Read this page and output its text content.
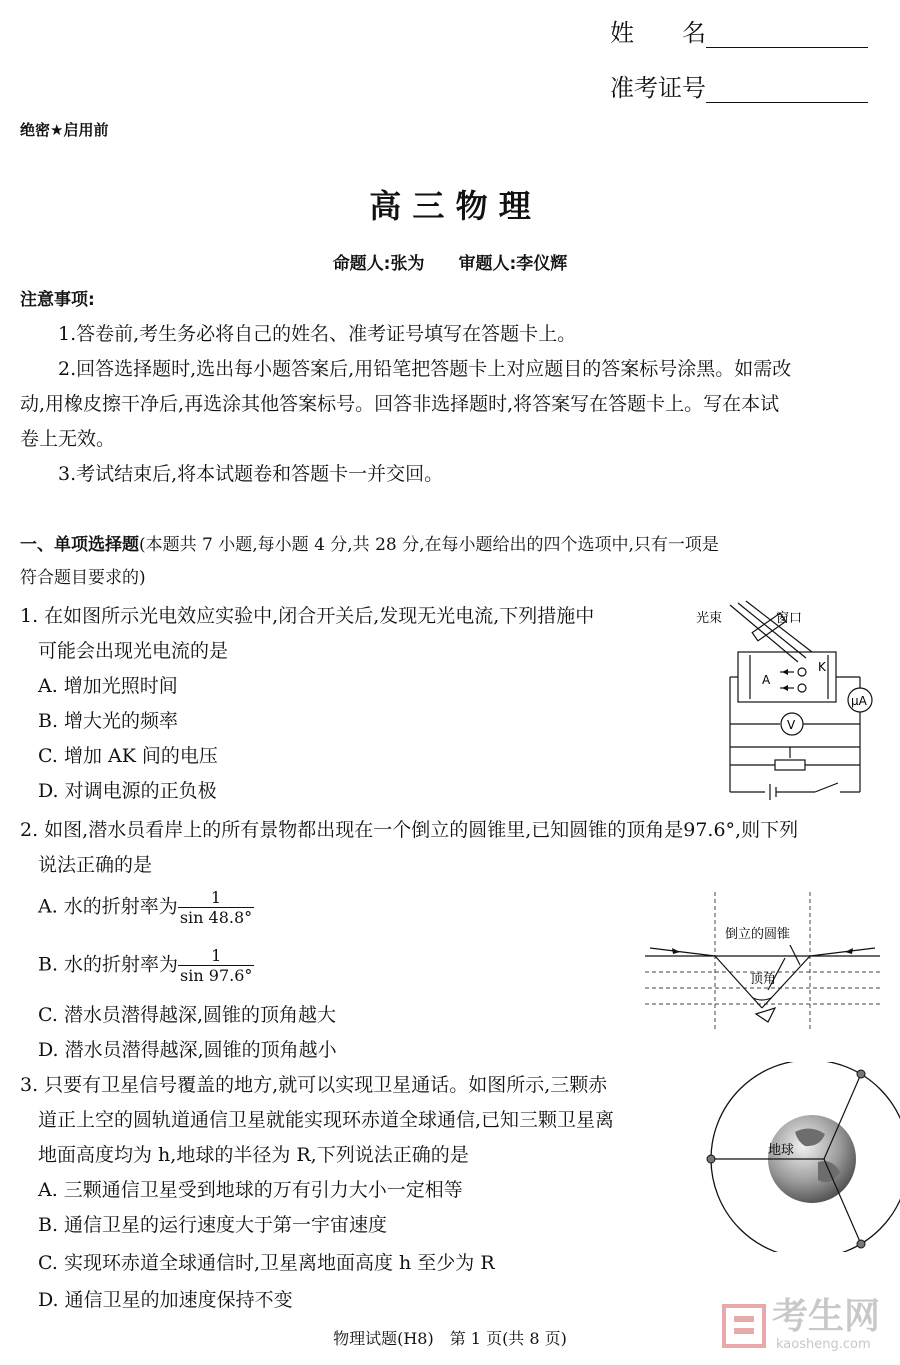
姓　　名
准考证号
绝密★启用前
高 三 物 理
命题人:张为　　审题人:李仪辉
注意事项:
1.答卷前,考生务必将自己的姓名、准考证号填写在答题卡上。
2.回答选择题时,选出每小题答案后,用铅笔把答题卡上对应题目的答案标号涂黑。如需改
动,用橡皮擦干净后,再选涂其他答案标号。回答非选择题时,将答案写在答题卡上。写在本试
卷上无效。
3.考试结束后,将本试题卷和答题卡一并交回。
一、单项选择题(本题共 7 小题,每小题 4 分,共 28 分,在每小题给出的四个选项中,只有一项是
符合题目要求的)
1. 在如图所示光电效应实验中,闭合开关后,发现无光电流,下列措施中
可能会出现光电流的是
A. 增加光照时间
B. 增大光的频率
C. 增加 AK 间的电压
D. 对调电源的正负极
光束	窗口
K
A
μA
V
2. 如图,潜水员看岸上的所有景物都出现在一个倒立的圆锥里,已知圆锥的顶角是97.6°,则下列
说法正确的是
A. 水的折射率为 $\frac{1}{\sin 48.8^\circ}$
B. 水的折射率为 $\frac{1}{\sin 97.6^\circ}$
C. 潜水员潜得越深,圆锥的顶角越大
D. 潜水员潜得越深,圆锥的顶角越小
倒立的圆锥
顶角
3. 只要有卫星信号覆盖的地方,就可以实现卫星通话。如图所示,三颗赤
道正上空的圆轨道通信卫星就能实现环赤道全球通信,已知三颗卫星离
地面高度均为 h,地球的半径为 R,下列说法正确的是
A. 三颗通信卫星受到地球的万有引力大小一定相等
B. 通信卫星的运行速度大于第一宇宙速度
C. 实现环赤道全球通信时,卫星离地面高度 h 至少为 R
D. 通信卫星的加速度保持不变
地球
物理试题(H8)　第 1 页(共 8 页)
考生网
kaosheng.com
